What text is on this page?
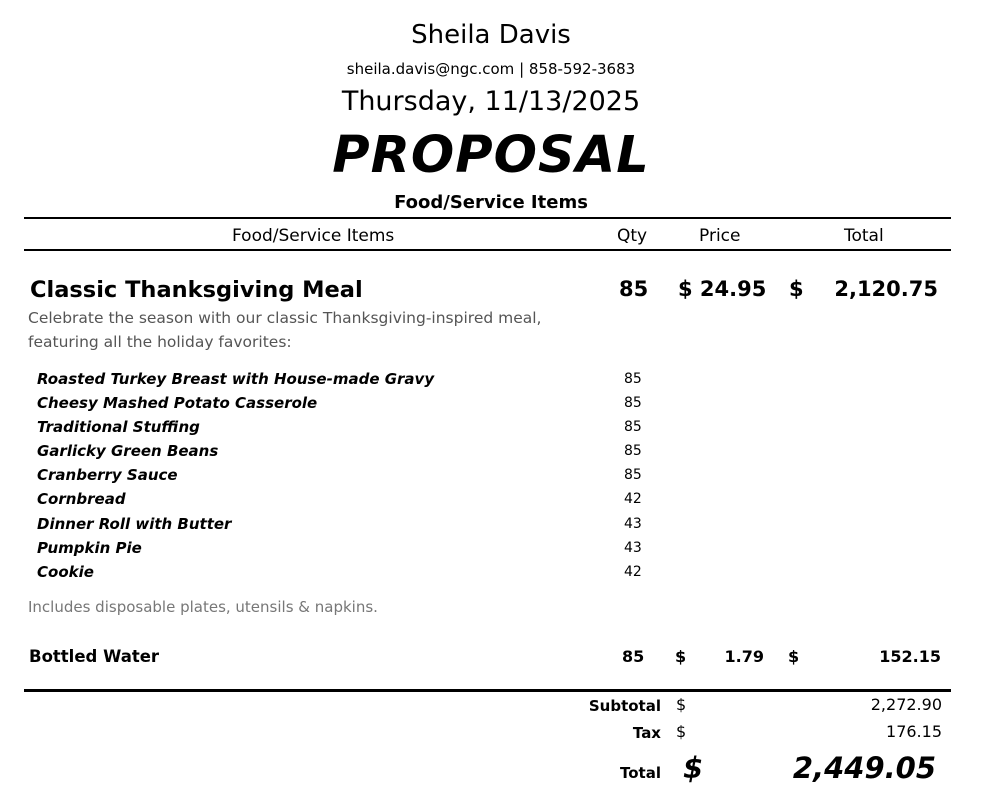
Sheila Davis
sheila.davis@ngc.com | 858-592-3683
Thursday, 11/13/2025
PROPOSAL
Food/Service Items
Food/Service Items	Qty	Price	Total
Classic Thanksgiving Meal	85 $ 24.95 $ 2,120.75
Celebrate the season with our classic Thanksgiving-inspired meal,
featuring all the holiday favorites:
Roasted Turkey Breast with House-made Gravy	85
Cheesy Mashed Potato Casserole	85
Traditional Stuffing	85
Garlicky Green Beans	85
Cranberry Sauce	85
Cornbread	42
Dinner Roll with Butter	43
Pumpkin Pie	43
Cookie	42
Includes disposable plates, utensils & napkins.
Bottled Water	85 $ 1.79 $	152.15
Subtotal $	2,272.90
Tax $	176.15
Total $	2,449.05
